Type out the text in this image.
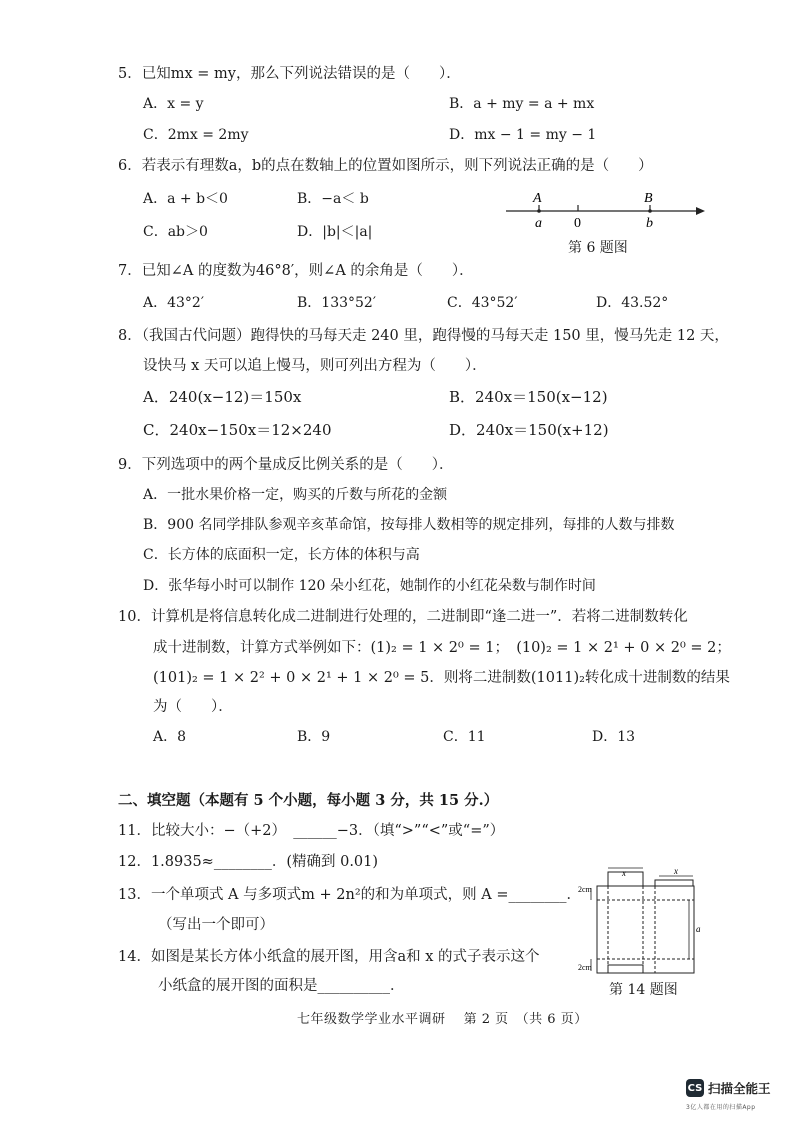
5．已知mx = my，那么下列说法错误的是（　　）．
A．x = y	B．a + my = a + mx
C．2mx = 2my	D．mx − 1 = my − 1
6．若表示有理数a，b的点在数轴上的位置如图所示，则下列说法正确的是（　　）
A．a + b＜0	B．−a＜ b
C．ab＞0	D．|b|＜|a|
A	B
a 0	b
第 6 题图
7．已知∠A 的度数为46°8′，则∠A 的余角是（　　）．
A．43°2′	B．133°52′	C．43°52′	D．43.52°
8．（我国古代问题）跑得快的马每天走 240 里，跑得慢的马每天走 150 里，慢马先走 12 天，
设快马 x 天可以追上慢马，则可列出方程为（　　）．
A．240(x−12)＝150x	B．240x＝150(x−12)
C．240x−150x＝12×240	D．240x＝150(x+12)
9．下列选项中的两个量成反比例关系的是（　　）．
A．一批水果价格一定，购买的斤数与所花的金额
B．900 名同学排队参观辛亥革命馆，按每排人数相等的规定排列，每排的人数与排数
C．长方体的底面积一定，长方体的体积与高
D．张华每小时可以制作 120 朵小红花，她制作的小红花朵数与制作时间
10．计算机是将信息转化成二进制进行处理的，二进制即“逢二进一”．若将二进制数转化
成十进制数，计算方式举例如下：(1)₂ = 1 × 2⁰ = 1；　(10)₂ = 1 × 2¹ + 0 × 2⁰ = 2；
(101)₂ = 1 × 2² + 0 × 2¹ + 1 × 2⁰ = 5．则将二进制数(1011)₂转化成十进制数的结果
为（　　）．
A．8	B．9	C．11	D．13
二、填空题（本题有 5 个小题，每小题 3 分，共 15 分.）
11．比较大小：−（+2）　______−3．（填“>”“<”或“=”）
12．1.8935≈________．(精确到 0.01)
13．一个单项式 A 与多项式m + 2n²的和为单项式，则 A =________．
（写出一个即可）
14．如图是某长方体小纸盒的展开图，用含a和 x 的式子表示这个
小纸盒的展开图的面积是__________．
x	x
2cm
2cm
a
第 14 题图
七年级数学学业水平调研　 第 2 页　（共 6 页）
CS 扫描全能王
3亿人都在用的扫描App
